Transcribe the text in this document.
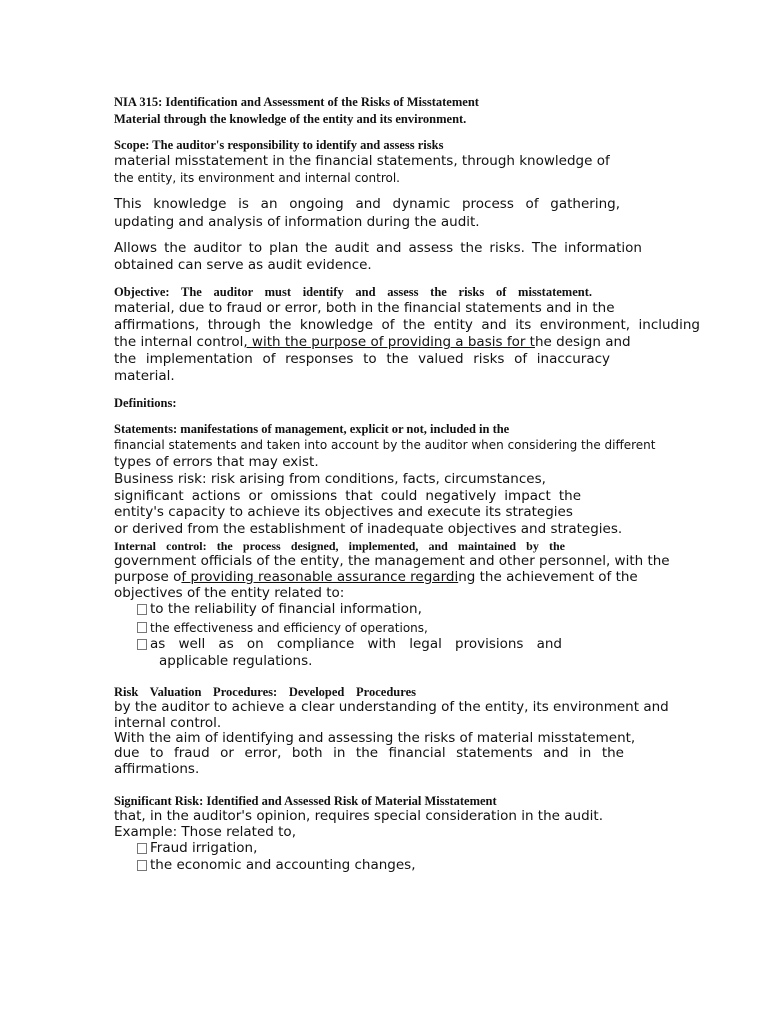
NIA 315: Identification and Assessment of the Risks of Misstatement
Material through the knowledge of the entity and its environment.
Scope: The auditor's responsibility to identify and assess risks
material misstatement in the financial statements, through knowledge of
the entity, its environment and internal control.
This knowledge is an ongoing and dynamic process of gathering,
updating and analysis of information during the audit.
Allows the auditor to plan the audit and assess the risks. The information
obtained can serve as audit evidence.
Objective: The auditor must identify and assess the risks of misstatement.
material, due to fraud or error, both in the financial statements and in the
affirmations, through the knowledge of the entity and its environment, including
the internal control, with the purpose of providing a basis for the design and
the implementation of responses to the valued risks of inaccuracy
material.
Definitions:
Statements: manifestations of management, explicit or not, included in the
financial statements and taken into account by the auditor when considering the different
types of errors that may exist.
Business risk: risk arising from conditions, facts, circumstances,
significant actions or omissions that could negatively impact the
entity's capacity to achieve its objectives and execute its strategies
or derived from the establishment of inadequate objectives and strategies.
Internal control: the process designed, implemented, and maintained by the
government officials of the entity, the management and other personnel, with the
purpose of providing reasonable assurance regarding the achievement of the
objectives of the entity related to:
to the reliability of financial information,
the effectiveness and efficiency of operations,
as well as on compliance with legal provisions and
applicable regulations.
Risk Valuation Procedures: Developed Procedures
by the auditor to achieve a clear understanding of the entity, its environment and
internal control.
With the aim of identifying and assessing the risks of material misstatement,
due to fraud or error, both in the financial statements and in the
affirmations.
Significant Risk: Identified and Assessed Risk of Material Misstatement
that, in the auditor's opinion, requires special consideration in the audit.
Example: Those related to,
Fraud irrigation,
the economic and accounting changes,
